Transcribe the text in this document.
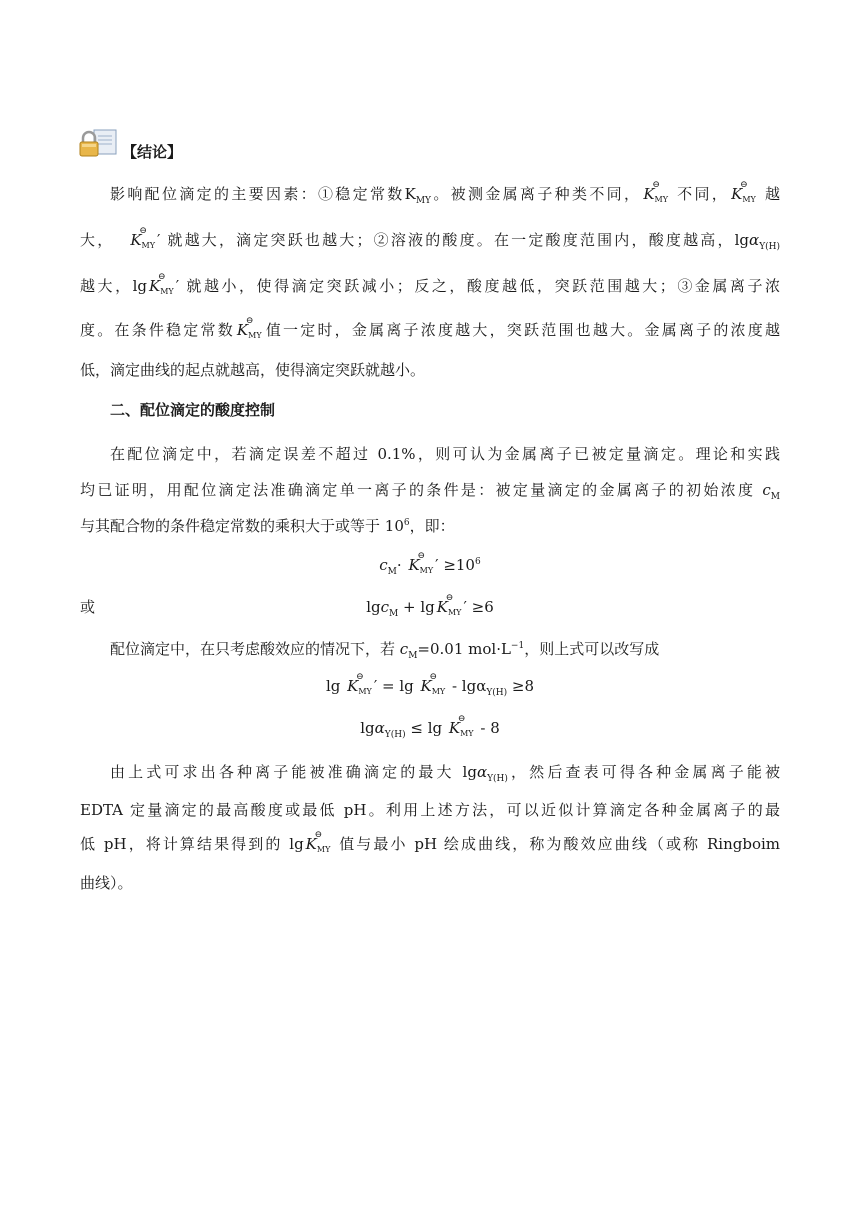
【结论】
影响配位滴定的主要因素：①稳定常数$K_{MY}$。被测金属离子种类不同， K
⊖
$_{MY}$ 不同， K
⊖
$_{MY}$ 越
大， K
⊖
$_{MY}$ ′ 就越大，滴定突跃也越大；②溶液的酸度。在一定酸度范围内，酸度越高，lgα$_{Y(H)}$
越大，lg K
⊖
$_{MY}$ ′ 就越小，使得滴定突跃减小；反之，酸度越低，突跃范围越大；③金属离子浓
度。在条件稳定常数 K
⊖
$_{MY}$ 值一定时，金属离子浓度越大，突跃范围也越大。金属离子的浓度越
低，滴定曲线的起点就越高，使得滴定突跃就越小。
二、配位滴定的酸度控制
在配位滴定中，若滴定误差不超过 0.1%，则可认为金属离子已被定量滴定。理论和实践
均已证明，用配位滴定法准确滴定单一离子的条件是：被定量滴定的金属离子的初始浓度 $c_M$
与其配合物的条件稳定常数的乘积大于或等于 $10^6$，即：
$c_M\cdot K$
⊖
$_{MY}$ ′ $\ge 10^6$
或	lgc$_M$ + lg K
⊖
$_{MY}$ ′ ≥6
配位滴定中，在只考虑酸效应的情况下，若 $c_M=0.01$ $mol\cdot L^{-1}$，则上式可以改写成
lg K
⊖
$_{MY}$ ′ = lg K
⊖
$_{MY}$ - lgα$_{Y(H)}$ ≥8
lgα$_{Y(H)}$ ≤ lg K
⊖
$_{MY}$ - 8
由上式可求出各种离子能被准确滴定的最大 lgα$_{Y(H)}$，然后查表可得各种金属离子能被
EDTA 定量滴定的最高酸度或最低 pH。利用上述方法，可以近似计算滴定各种金属离子的最
低 pH，将计算结果得到的 lg K
⊖
$_{MY}$ 值与最小 pH 绘成曲线，称为酸效应曲线（或称 Ringboim
曲线）。
